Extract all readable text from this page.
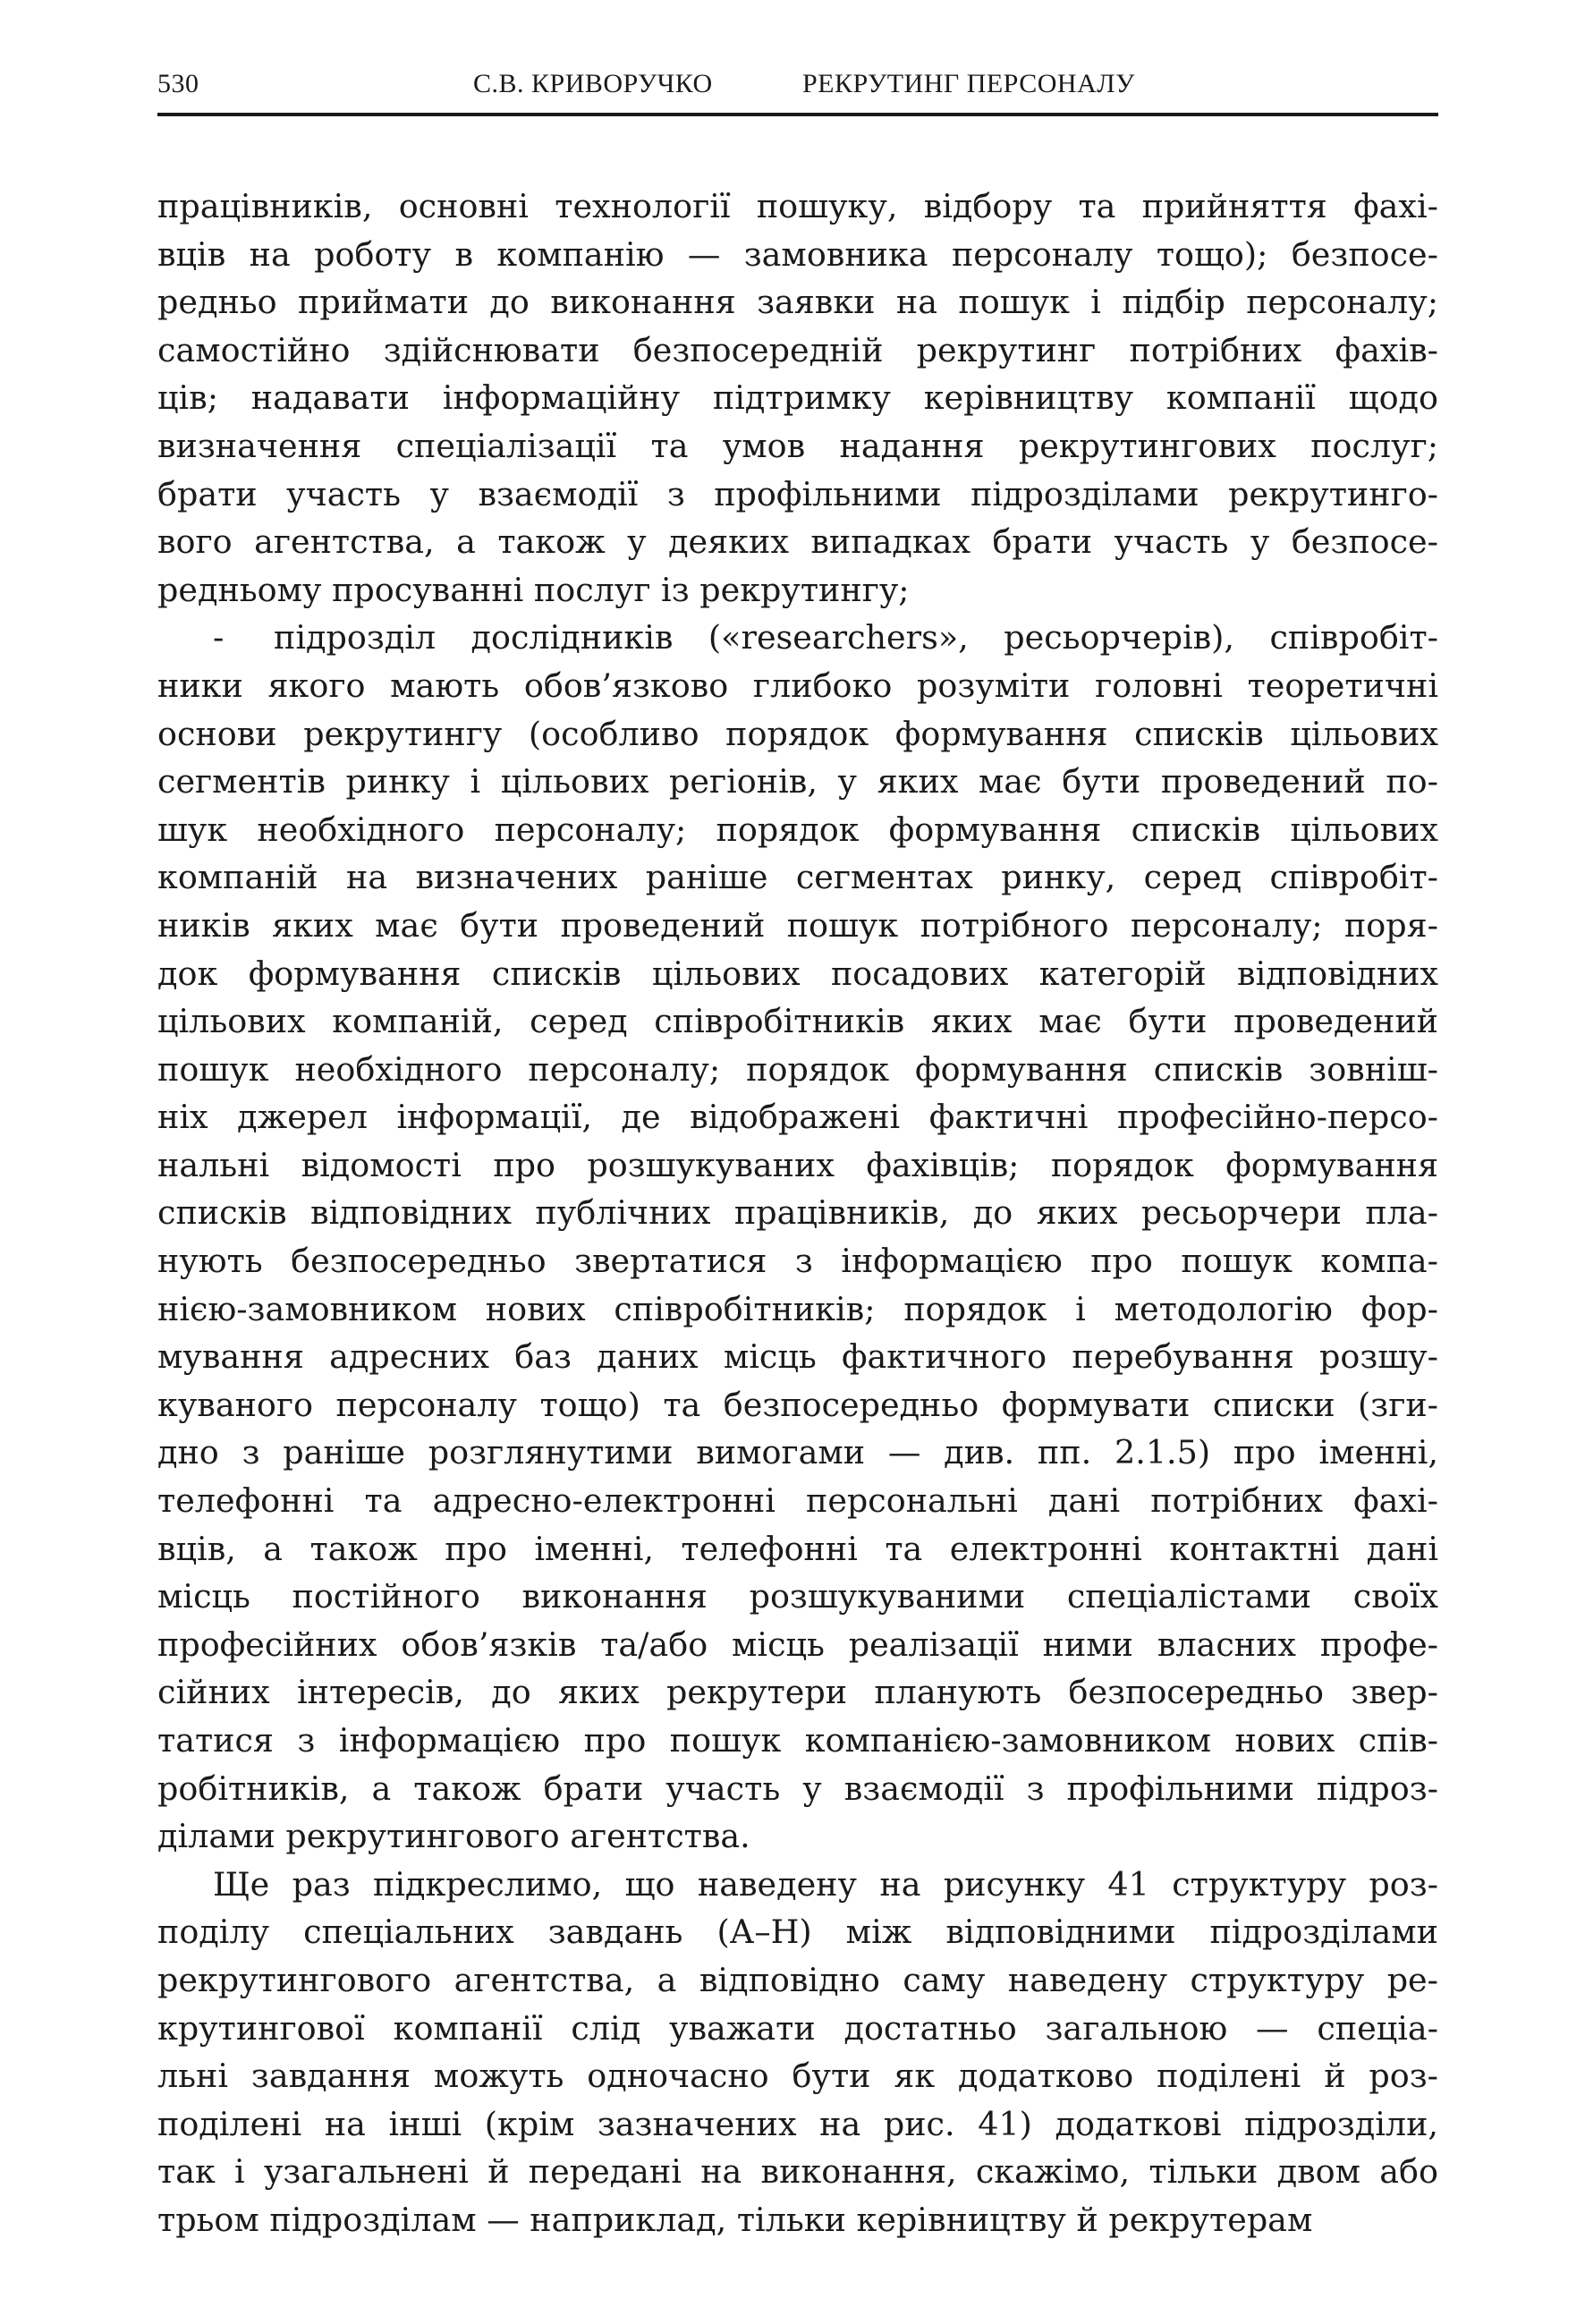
530	С.В. КРИВОРУЧКО	РЕКРУТИНГ ПЕРСОНАЛУ
працівників, основні технології пошуку, відбору та прийняття фахі-
вців на роботу в компанію — замовника персоналу тощо); безпосе-
редньо приймати до виконання заявки на пошук і підбір персоналу;
самостійно здійснювати безпосередній рекрутинг потрібних фахів-
ців; надавати інформаційну підтримку керівництву компанії щодо
визначення спеціалізації та умов надання рекрутингових послуг;
брати участь у взаємодії з профільними підрозділами рекрутинго-
вого агентства, а також у деяких випадках брати участь у безпосе-
редньому просуванні послуг із рекрутингу;
-	підрозділ дослідників («researchers», ресьорчерів), співробіт-
ники якого мають обов’язково глибоко розуміти головні теоретичні
основи рекрутингу (особливо порядок формування списків цільових
сегментів ринку і цільових регіонів, у яких має бути проведений по-
шук необхідного персоналу; порядок формування списків цільових
компаній на визначених раніше сегментах ринку, серед співробіт-
ників яких має бути проведений пошук потрібного персоналу; поря-
док формування списків цільових посадових категорій відповідних
цільових компаній, серед співробітників яких має бути проведений
пошук необхідного персоналу; порядок формування списків зовніш-
ніх джерел інформації, де відображені фактичні професійно-персо-
нальні відомості про розшукуваних фахівців; порядок формування
списків відповідних публічних працівників, до яких ресьорчери пла-
нують безпосередньо звертатися з інформацією про пошук компа-
нією-замовником нових співробітників; порядок і методологію фор-
мування адресних баз даних місць фактичного перебування розшу-
куваного персоналу тощо) та безпосередньо формувати списки (зги-
дно з раніше розглянутими вимогами — див. пп. 2.1.5) про іменні,
телефонні та адресно-електронні персональні дані потрібних фахі-
вців, а також про іменні, телефонні та електронні контактні дані
місць постійного виконання розшукуваними спеціалістами своїх
професійних обов’язків та/або місць реалізації ними власних профе-
сійних інтересів, до яких рекрутери планують безпосередньо звер-
татися з інформацією про пошук компанією-замовником нових спів-
робітників, а також брати участь у взаємодії з профільними підроз-
ділами рекрутингового агентства.
Ще раз підкреслимо, що наведену на рисунку 41 структуру роз-
поділу спеціальних завдань (А–Н) між відповідними підрозділами
рекрутингового агентства, а відповідно саму наведену структуру ре-
крутингової компанії слід уважати достатньо загальною — спеціа-
льні завдання можуть одночасно бути як додатково поділені й роз-
поділені на інші (крім зазначених на рис. 41) додаткові підрозділи,
так і узагальнені й передані на виконання, скажімо, тільки двом або
трьом підрозділам — наприклад, тільки керівництву й рекрутерам
